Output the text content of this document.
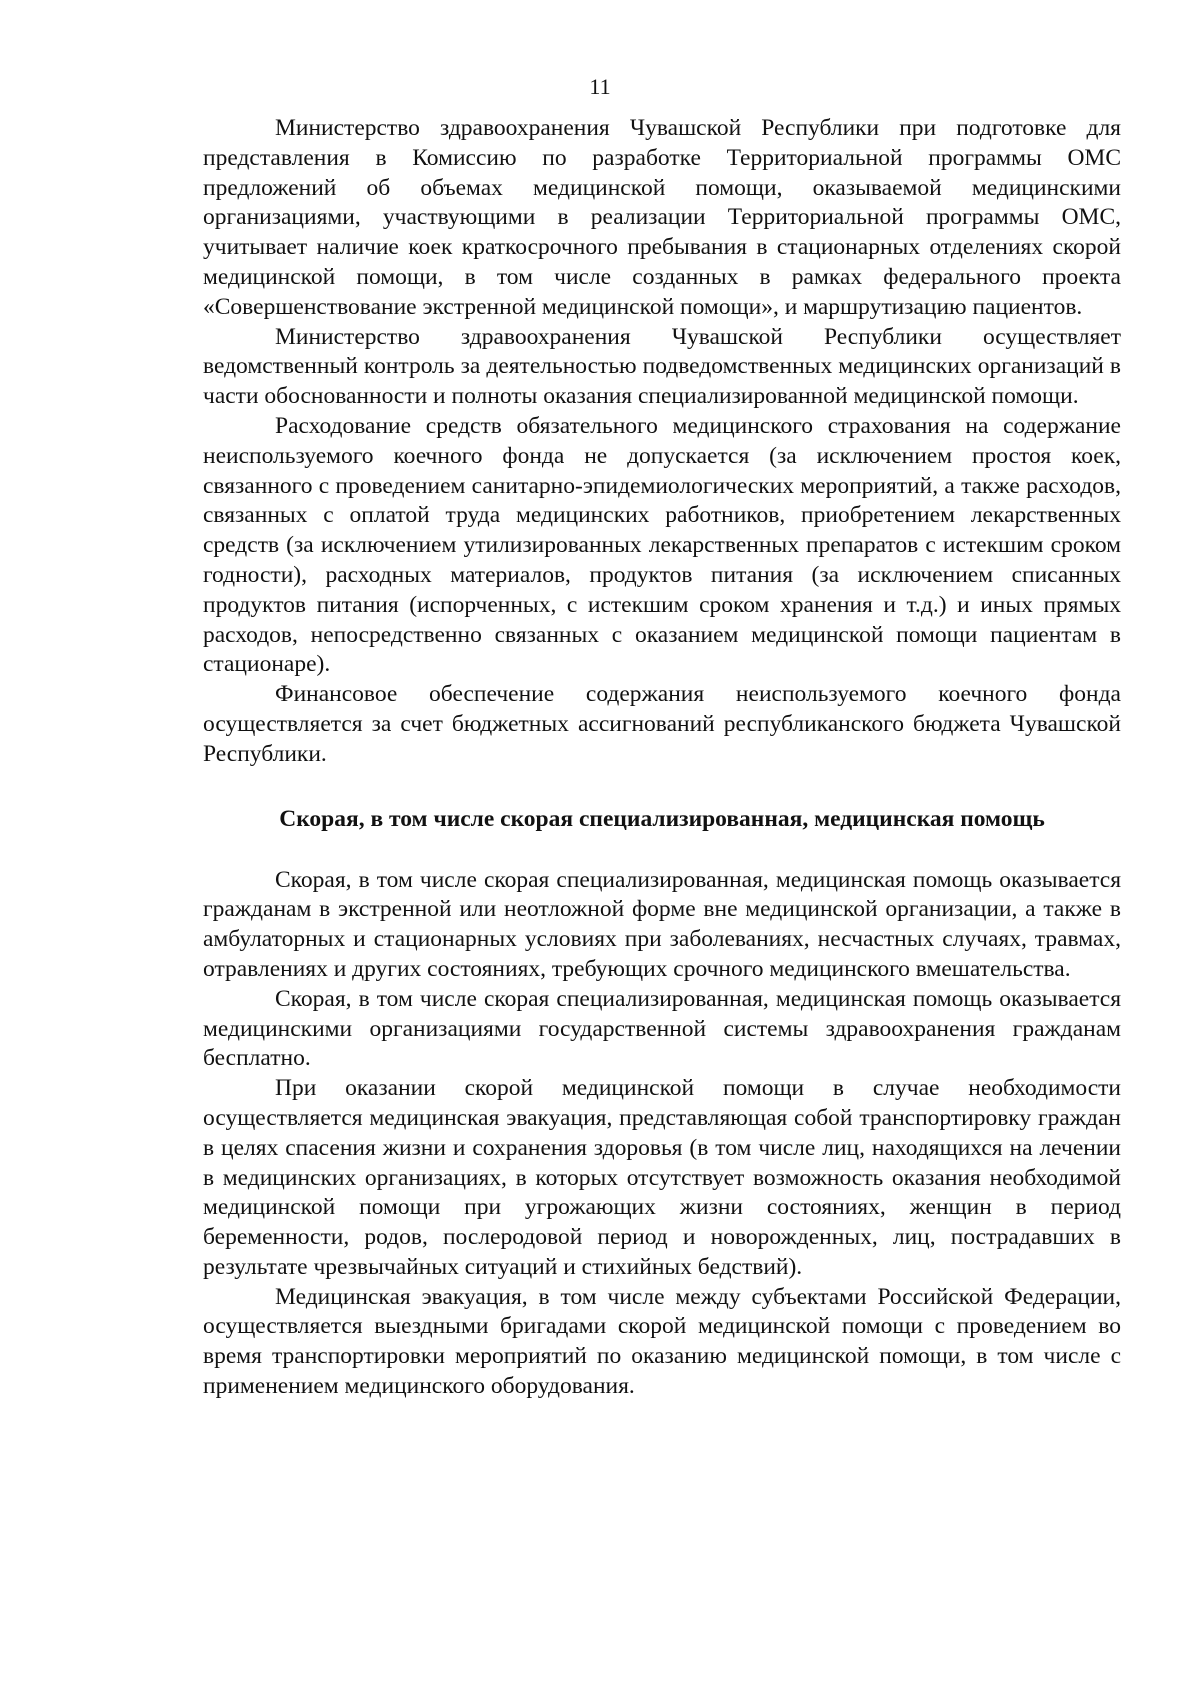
11

Министерство здравоохранения Чувашской Республики при подготовке для представления в Комиссию по разработке Территориальной программы ОМС предложений об объемах медицинской помощи, оказываемой медицинскими организациями, участвующими в реализации Территориальной программы ОМС, учитывает наличие коек краткосрочного пребывания в стационарных отделениях скорой медицинской помощи, в том числе созданных в рамках федерального проекта «Совершенствование экстренной медицинской помощи», и маршрутизацию пациентов.

Министерство здравоохранения Чувашской Республики осуществляет ведомственный контроль за деятельностью подведомственных медицинских организаций в части обоснованности и полноты оказания специализированной медицинской помощи.

Расходование средств обязательного медицинского страхования на содержание неиспользуемого коечного фонда не допускается (за исключением простоя коек, связанного с проведением санитарно-эпидемиологических мероприятий, а также расходов, связанных с оплатой труда медицинских работников, приобретением лекарственных средств (за исключением утилизированных лекарственных препаратов с истекшим сроком годности), расходных материалов, продуктов питания (за исключением списанных продуктов питания (испорченных, с истекшим сроком хранения и т.д.) и иных прямых расходов, непосредственно связанных с оказанием медицинской помощи пациентам в стационаре).

Финансовое обеспечение содержания неиспользуемого коечного фонда осуществляется за счет бюджетных ассигнований республиканского бюджета Чувашской Республики.

Скорая, в том числе скорая специализированная, медицинская помощь

Скорая, в том числе скорая специализированная, медицинская помощь оказывается гражданам в экстренной или неотложной форме вне медицинской организации, а также в амбулаторных и стационарных условиях при заболеваниях, несчастных случаях, травмах, отравлениях и других состояниях, требующих срочного медицинского вмешательства.

Скорая, в том числе скорая специализированная, медицинская помощь оказывается медицинскими организациями государственной системы здравоохранения гражданам бесплатно.

При оказании скорой медицинской помощи в случае необходимости осуществляется медицинская эвакуация, представляющая собой транспортировку граждан в целях спасения жизни и сохранения здоровья (в том числе лиц, находящихся на лечении в медицинских организациях, в которых отсутствует возможность оказания необходимой медицинской помощи при угрожающих жизни состояниях, женщин в период беременности, родов, послеродовой период и новорожденных, лиц, пострадавших в результате чрезвычайных ситуаций и стихийных бедствий).

Медицинская эвакуация, в том числе между субъектами Российской Федерации, осуществляется выездными бригадами скорой медицинской помощи с проведением во время транспортировки мероприятий по оказанию медицинской помощи, в том числе с применением медицинского оборудования.
